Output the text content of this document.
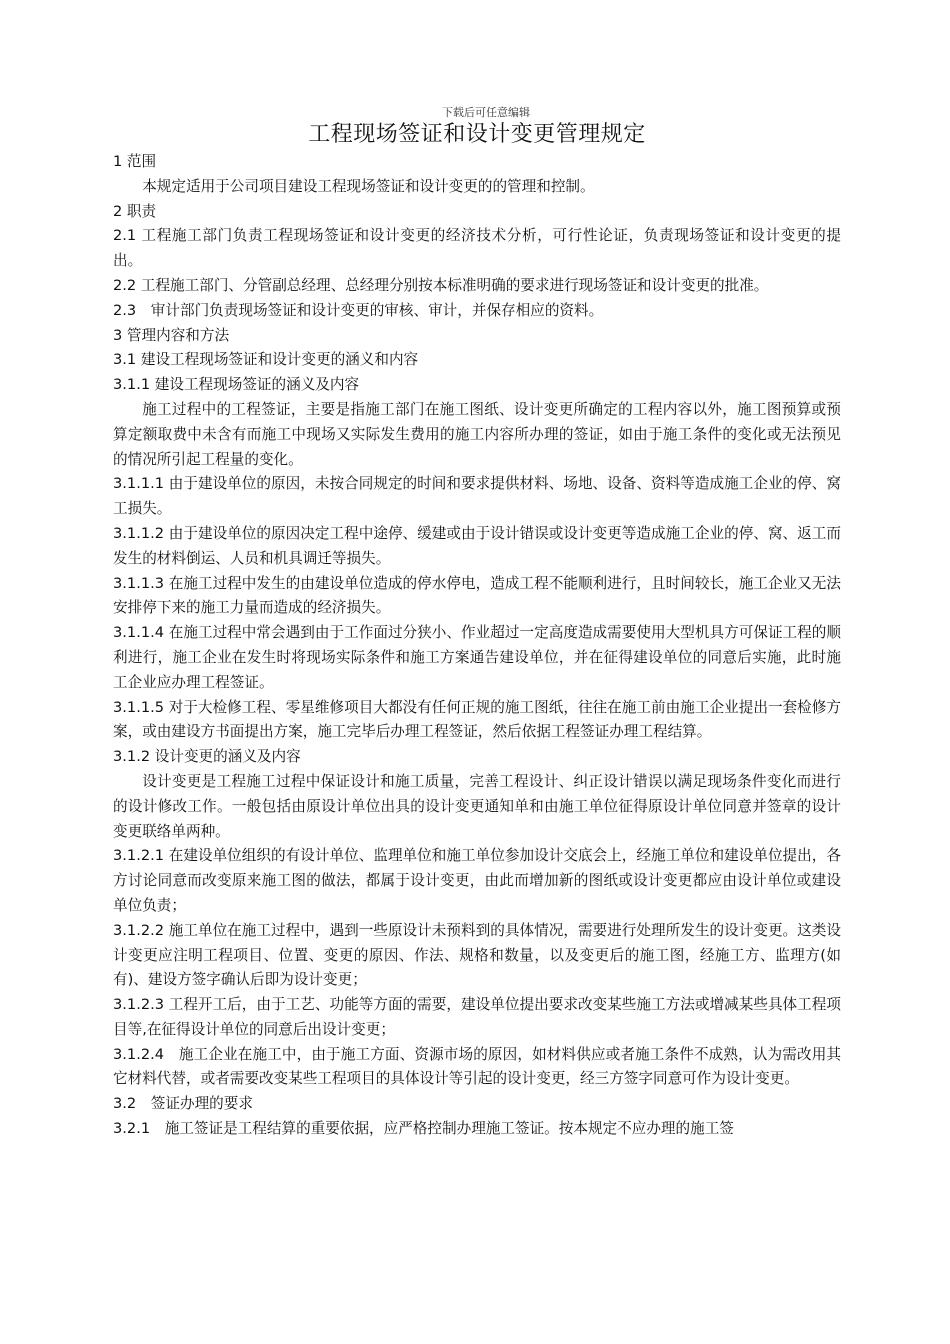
下载后可任意编辑
工程现场签证和设计变更管理规定

1 范围

本规定适用于公司项目建设工程现场签证和设计变更的的管理和控制。

2 职责

2.1 工程施工部门负责工程现场签证和设计变更的经济技术分析，可行性论证，负责现场签证和设计变更的提出。

2.2 工程施工部门、分管副总经理、总经理分别按本标准明确的要求进行现场签证和设计变更的批准。

2.3　审计部门负责现场签证和设计变更的审核、审计，并保存相应的资料。

3 管理内容和方法

3.1 建设工程现场签证和设计变更的涵义和内容

3.1.1 建设工程现场签证的涵义及内容

施工过程中的工程签证，主要是指施工部门在施工图纸、设计变更所确定的工程内容以外，施工图预算或预算定额取费中未含有而施工中现场又实际发生费用的施工内容所办理的签证，如由于施工条件的变化或无法预见的情况所引起工程量的变化。

3.1.1.1 由于建设单位的原因，未按合同规定的时间和要求提供材料、场地、设备、资料等造成施工企业的停、窝工损失。

3.1.1.2 由于建设单位的原因决定工程中途停、缓建或由于设计错误或设计变更等造成施工企业的停、窝、返工而发生的材料倒运、人员和机具调迁等损失。

3.1.1.3 在施工过程中发生的由建设单位造成的停水停电，造成工程不能顺利进行，且时间较长，施工企业又无法安排停下来的施工力量而造成的经济损失。

3.1.1.4 在施工过程中常会遇到由于工作面过分狭小、作业超过一定高度造成需要使用大型机具方可保证工程的顺利进行，施工企业在发生时将现场实际条件和施工方案通告建设单位，并在征得建设单位的同意后实施，此时施工企业应办理工程签证。

3.1.1.5 对于大检修工程、零星维修项目大都没有任何正规的施工图纸，往往在施工前由施工企业提出一套检修方案，或由建设方书面提出方案，施工完毕后办理工程签证，然后依据工程签证办理工程结算。

3.1.2 设计变更的涵义及内容

设计变更是工程施工过程中保证设计和施工质量，完善工程设计、纠正设计错误以满足现场条件变化而进行的设计修改工作。一般包括由原设计单位出具的设计变更通知单和由施工单位征得原设计单位同意并签章的设计变更联络单两种。

3.1.2.1 在建设单位组织的有设计单位、监理单位和施工单位参加设计交底会上，经施工单位和建设单位提出，各方讨论同意而改变原来施工图的做法，都属于设计变更，由此而增加新的图纸或设计变更都应由设计单位或建设单位负责；

3.1.2.2 施工单位在施工过程中，遇到一些原设计未预料到的具体情况，需要进行处理所发生的设计变更。这类设计变更应注明工程项目、位置、变更的原因、作法、规格和数量，以及变更后的施工图，经施工方、监理方(如有)、建设方签字确认后即为设计变更；

3.1.2.3 工程开工后，由于工艺、功能等方面的需要，建设单位提出要求改变某些施工方法或增减某些具体工程项目等,在征得设计单位的同意后出设计变更；

3.1.2.4　施工企业在施工中，由于施工方面、资源市场的原因，如材料供应或者施工条件不成熟，认为需改用其它材料代替，或者需要改变某些工程项目的具体设计等引起的设计变更，经三方签字同意可作为设计变更。

3.2　签证办理的要求

3.2.1　施工签证是工程结算的重要依据，应严格控制办理施工签证。按本规定不应办理的施工签
